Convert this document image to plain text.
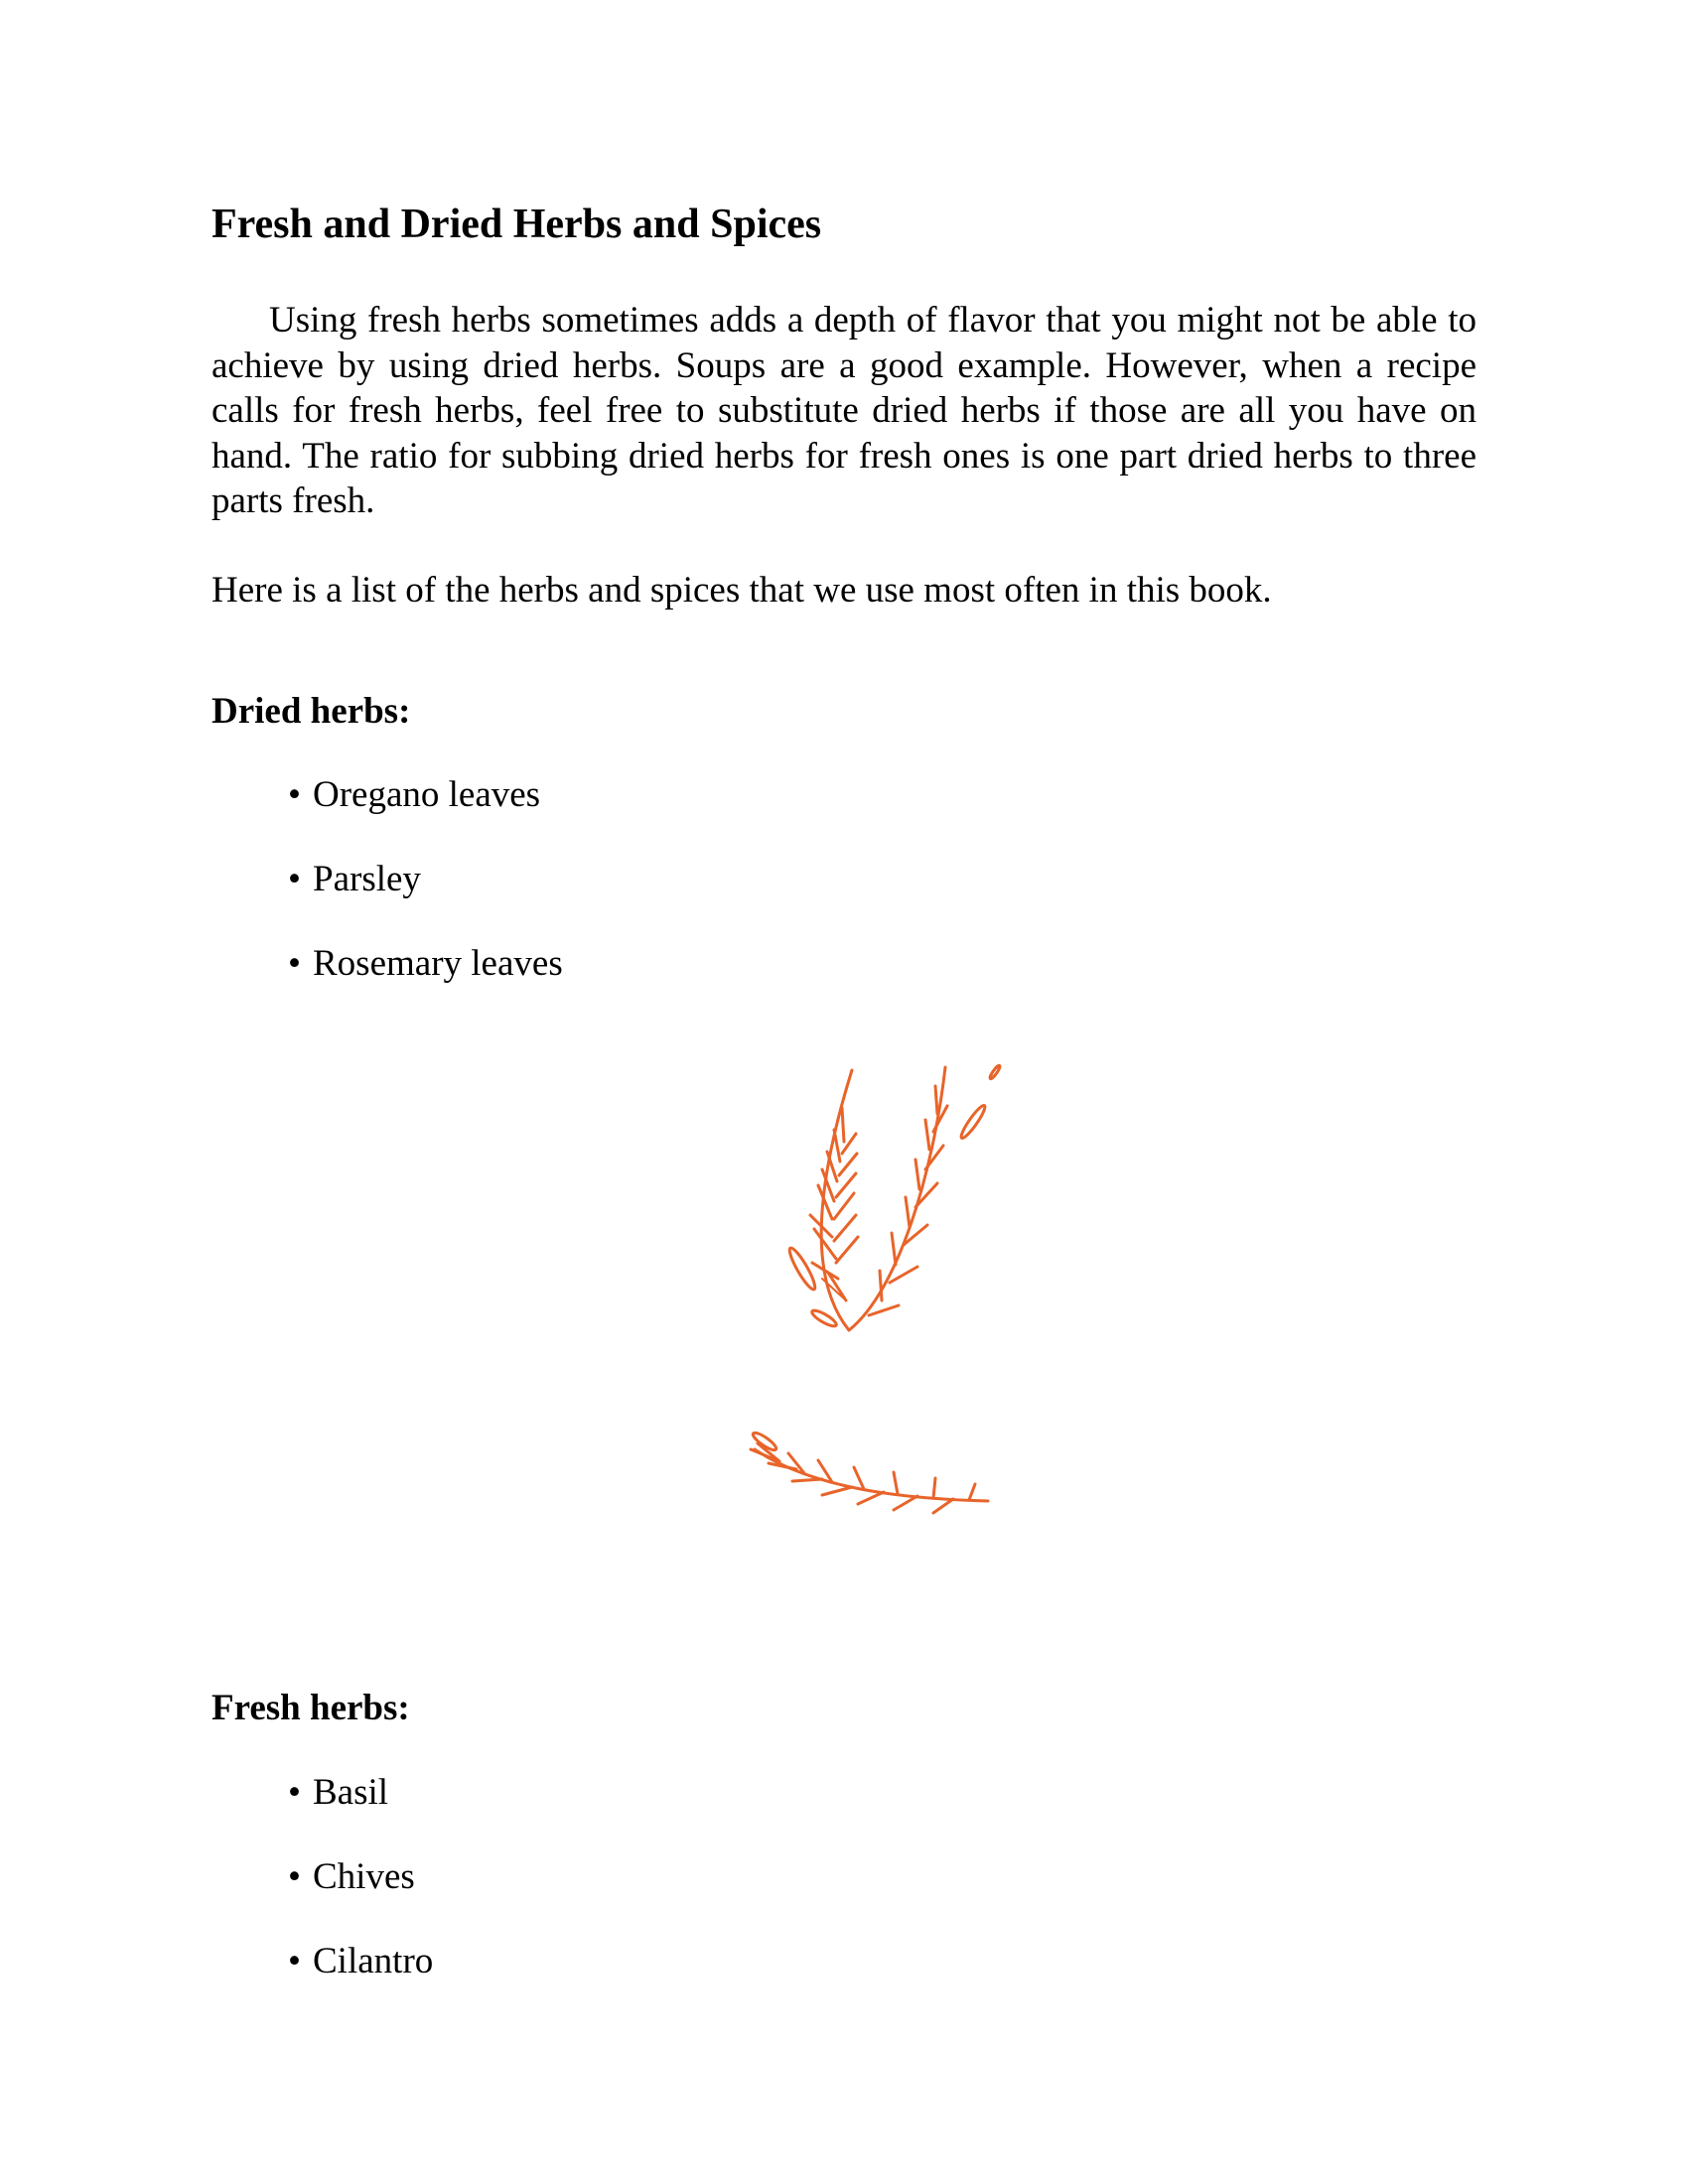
Fresh and Dried Herbs and Spices

Using fresh herbs sometimes adds a depth of flavor that you might not be able to achieve by using dried herbs. Soups are a good example. However, when a recipe calls for fresh herbs, feel free to substitute dried herbs if those are all you have on hand. The ratio for subbing dried herbs for fresh ones is one part dried herbs to three parts fresh.

Here is a list of the herbs and spices that we use most often in this book.

Dried herbs:
• Oregano leaves
• Parsley
• Rosemary leaves
Fresh herbs:
• Basil
• Chives
• Cilantro
